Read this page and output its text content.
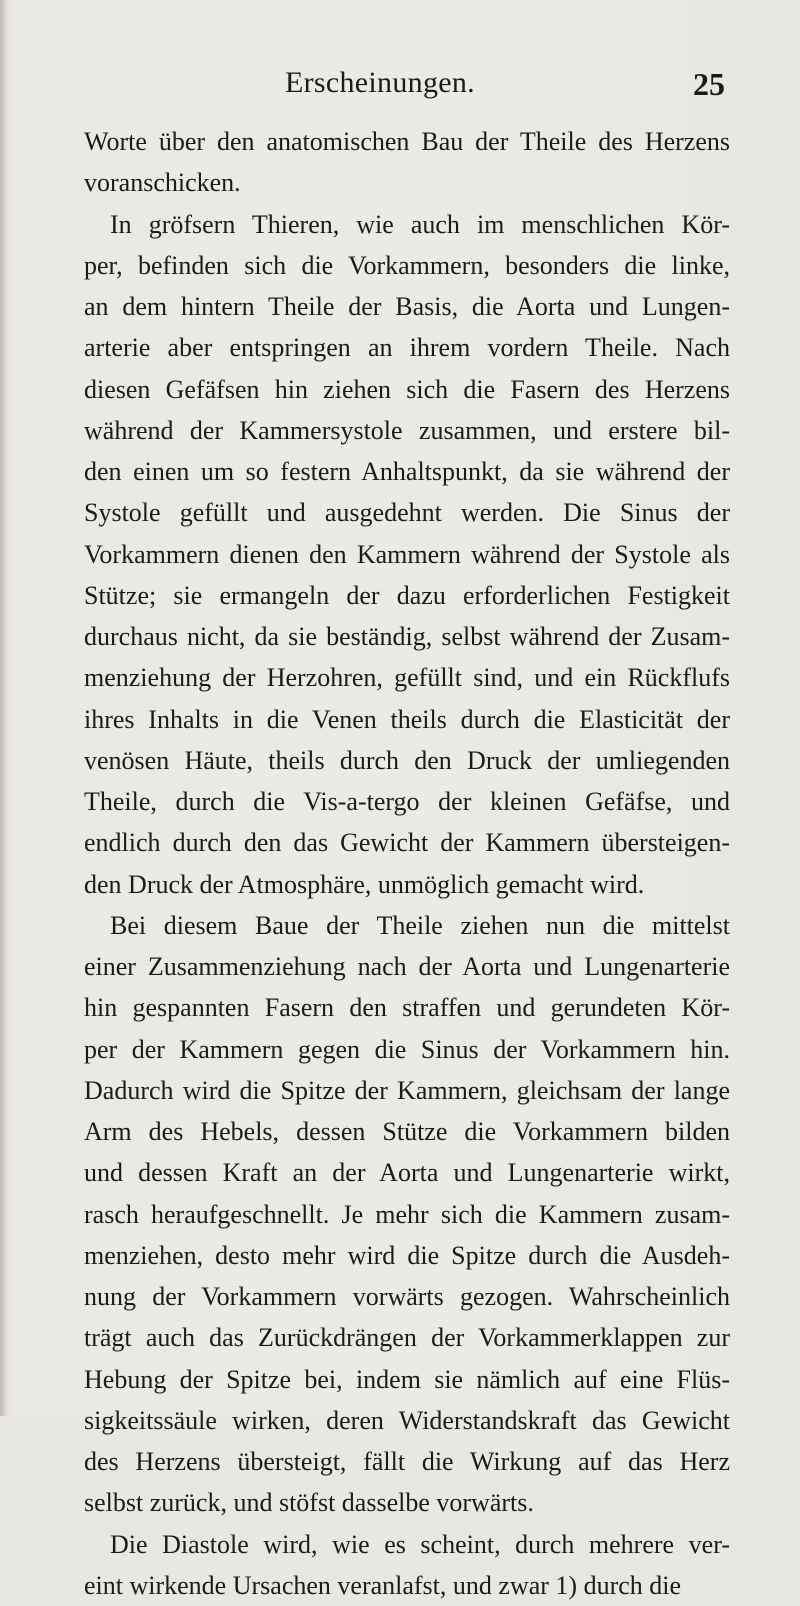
Erscheinungen.	25
Worte über den anatomischen Bau der Theile des Herzens
voranschicken.
In gröfsern Thieren, wie auch im menschlichen Kör-
per, befinden sich die Vorkammern, besonders die linke,
an dem hintern Theile der Basis, die Aorta und Lungen-
arterie aber entspringen an ihrem vordern Theile. Nach
diesen Gefäfsen hin ziehen sich die Fasern des Herzens
während der Kammersystole zusammen, und erstere bil-
den einen um so festern Anhaltspunkt, da sie während der
Systole gefüllt und ausgedehnt werden. Die Sinus der
Vorkammern dienen den Kammern während der Systole als
Stütze; sie ermangeln der dazu erforderlichen Festigkeit
durchaus nicht, da sie beständig, selbst während der Zusam-
menziehung der Herzohren, gefüllt sind, und ein Rückflufs
ihres Inhalts in die Venen theils durch die Elasticität der
venösen Häute, theils durch den Druck der umliegenden
Theile, durch die Vis-a-tergo der kleinen Gefäfse, und
endlich durch den das Gewicht der Kammern übersteigen-
den Druck der Atmosphäre, unmöglich gemacht wird.
Bei diesem Baue der Theile ziehen nun die mittelst
einer Zusammenziehung nach der Aorta und Lungenarterie
hin gespannten Fasern den straffen und gerundeten Kör-
per der Kammern gegen die Sinus der Vorkammern hin.
Dadurch wird die Spitze der Kammern, gleichsam der lange
Arm des Hebels, dessen Stütze die Vorkammern bilden
und dessen Kraft an der Aorta und Lungenarterie wirkt,
rasch heraufgeschnellt. Je mehr sich die Kammern zusam-
menziehen, desto mehr wird die Spitze durch die Ausdeh-
nung der Vorkammern vorwärts gezogen. Wahrscheinlich
trägt auch das Zurückdrängen der Vorkammerklappen zur
Hebung der Spitze bei, indem sie nämlich auf eine Flüs-
sigkeitssäule wirken, deren Widerstandskraft das Gewicht
des Herzens übersteigt, fällt die Wirkung auf das Herz
selbst zurück, und stöfst dasselbe vorwärts.
Die Diastole wird, wie es scheint, durch mehrere ver-
eint wirkende Ursachen veranlafst, und zwar 1) durch die
